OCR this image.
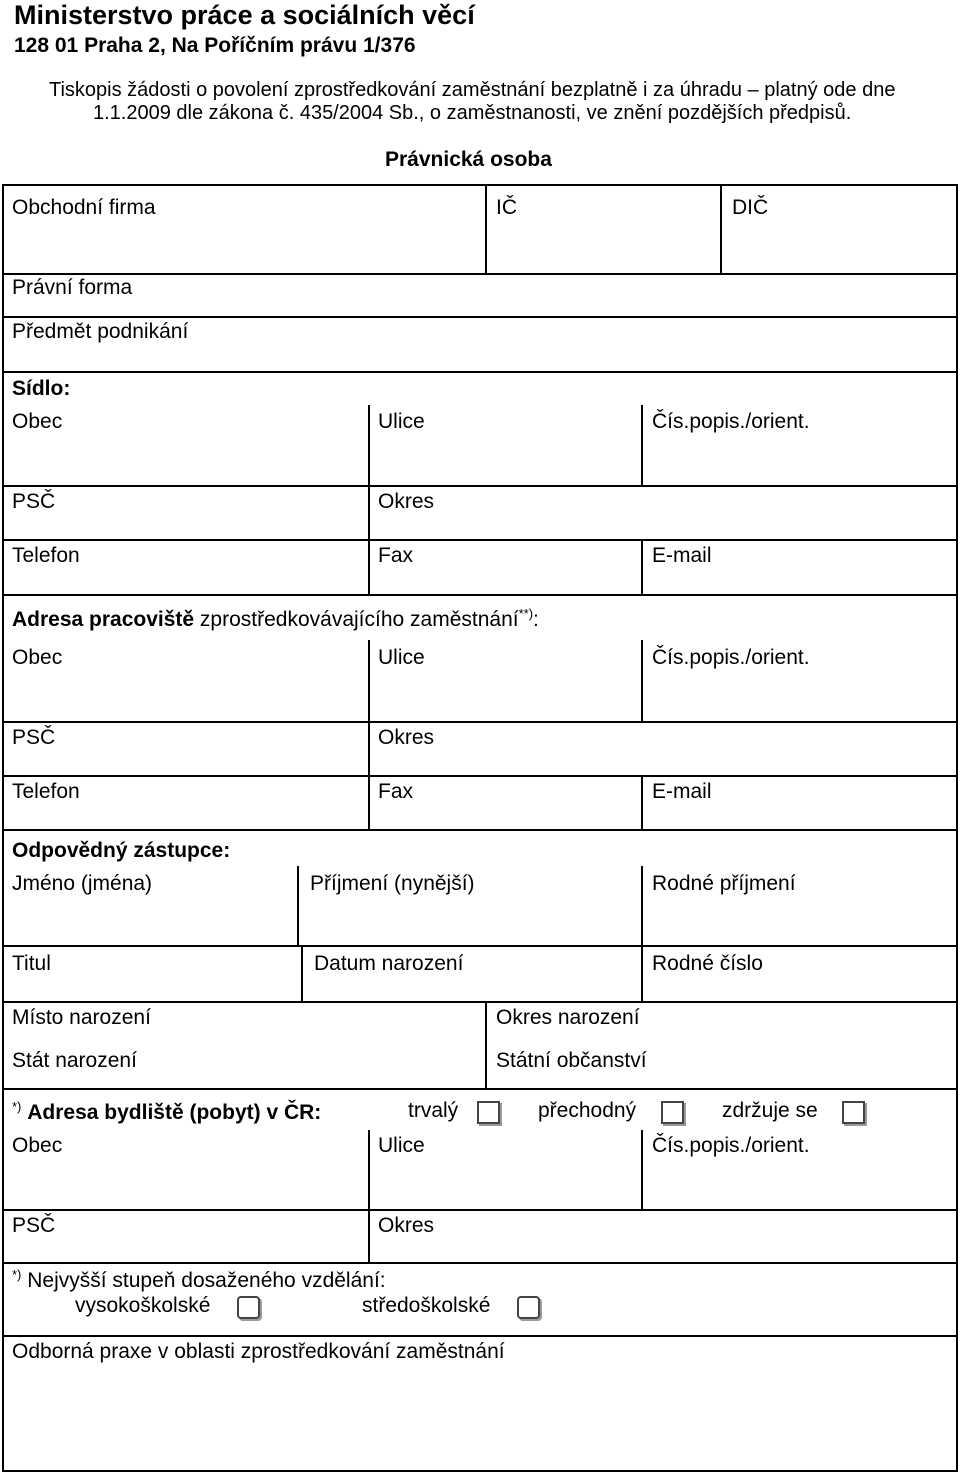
Ministerstvo práce a sociálních věcí
128 01 Praha 2, Na Poříčním právu 1/376
Tiskopis žádosti o povolení zprostředkování zaměstnání bezplatně i za úhradu – platný ode dne
1.1.2009 dle zákona č. 435/2004 Sb., o zaměstnanosti, ve znění pozdějších předpisů.
Právnická osoba
Obchodní firma	IČ	DIČ
Právní forma
Předmět podnikání
Sídlo:
Obec	Ulice	Čís.popis./orient.
PSČ	Okres
Telefon	Fax	E-mail
Adresa pracoviště zprostředkovávajícího zaměstnání**):
Obec	Ulice	Čís.popis./orient.
PSČ	Okres
Telefon	Fax	E-mail
Odpovědný zástupce:
Jméno (jména)	Příjmení (nynější)	Rodné příjmení
Titul	Datum narození	Rodné číslo
Místo narození	Okres narození
Stát narození	Státní občanství
*) Adresa bydliště (pobyt) v ČR:	trvalý	přechodný	zdržuje se
Obec	Ulice	Čís.popis./orient.
PSČ	Okres
*) Nejvyšší stupeň dosaženého vzdělání:
vysokoškolské	středoškolské
Odborná praxe v oblasti zprostředkování zaměstnání
